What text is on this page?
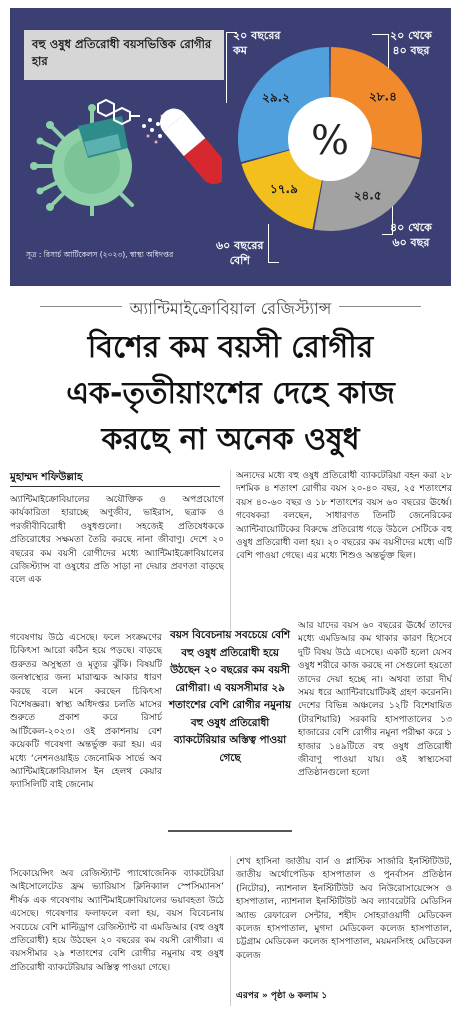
বহু ওষুধ প্রতিরোধী বয়সভিত্তিক রোগীর হার
সূত্র : রিসার্চ আর্টিকেলস (২০২৩), স্বাস্থ্য অধিদপ্তর
২০ বছরের
কম
২০ থেকে
৪০ বছর
৪০ থেকে
৬০ বছর
৬০ বছরের
বেশি
%
২৮.৪
২৪.৫
১৭.৯
২৯.২
অ্যান্টিমাইক্রোবিয়াল রেজিস্ট্যান্স
বিশের কম বয়সী রোগীর
এক-তৃতীয়াংশের দেহে কাজ
করছে না অনেক ওষুধ
মুহাম্মদ শফিউল্লাহ

অ্যান্টিমাইক্রোবিয়ালের অযৌক্তিক ও অপপ্রয়োগে কার্যকারিতা হারাচ্ছে অণুজীব, ভাইরাস, ছত্রাক ও পরজীবীবিরোধী ওষুধগুলো। সহজেই প্রতিষেধককে প্রতিরোধের সক্ষমতা তৈরি করছে নানা জীবাণু। দেশে ২০ বছরের কম বয়সী রোগীদের মধ্যে অ্যান্টিমাইক্রোবিয়ালের রেজিস্ট্যান্স বা ওষুধের প্রতি সাড়া না দেয়ার প্রবণতা বাড়ছে বলে এক

গবেষণায় উঠে এসেছে। ফলে সংক্রমণের চিকিৎসা আরো কঠিন হয়ে পড়ছে। বাড়ছে গুরুতর অসুস্থতা ও মৃত্যুর ঝুঁকি। বিষয়টি জনস্বাস্থ্যের জন্য মারাত্মক আকার ধারণ করছে বলে মনে করছেন চিকিৎসা বিশেষজ্ঞরা। স্বাস্থ্য অধিদপ্তর চলতি মাসের শুরুতে প্রকাশ করে রিসার্চ আর্টিকেল-২০২৩। ওই প্রকাশনায় বেশ কয়েকটি গবেষণা অন্তর্ভুক্ত করা হয়। এর মধ্যে ‘নেশনওয়াইড জেনোমিক সার্ভে অব অ্যান্টিমাইক্রোবিয়ালস ইন হেলথ কেয়ার ফ্যাসিলিটি বাই জেনোম

সিকোয়েন্সিং অব রেজিস্ট্যান্ট প্যাথোজেনিক ব্যাকটেরিয়া আইসোলেটেড ফ্রম ভ্যারিয়াস ক্লিনিক্যাল স্পেসিম্যানস’ শীর্ষক এক গবেষণায় অ্যান্টিমাইক্রোবিয়ালের ভয়াবহতা উঠে এসেছে। গবেষণার ফলাফলে বলা হয়, বয়স বিবেচনায় সবচেয়ে বেশি মাল্টিড্রাগ রেজিস্ট্যান্ট বা এমডিআর (বহু ওষুধ প্রতিরোধী) হয়ে উঠছেন ২০ বছরের কম বয়সী রোগীরা। এ বয়সসীমার ২৯ শতাংশের বেশি রোগীর নমুনায় বহু ওষুধ প্রতিরোধী ব্যাকটেরিয়ার অস্তিত্ব পাওয়া গেছে।

অন্যদের মধ্যে বহু ওষুধ প্রতিরোধী ব্যাকটেরিয়া বহন করা ২৮ দশমিক ৪ শতাংশ রোগীর বয়স ২০-৪০ বছর, ২৫ শতাংশের বয়স ৪০-৬০ বছর ও ১৮ শতাংশের বয়স ৬০ বছরের ঊর্ধ্বে। গবেষকরা বলছেন, সাধারণত তিনটি জেনেরিকের অ্যান্টিবায়োটিকের বিরুদ্ধে প্রতিরোধ গড়ে উঠলে সেটিকে বহু ওষুধ প্রতিরোধী বলা হয়। ২০ বছরের কম বয়সীদের মধ্যে এটি বেশি পাওয়া গেছে। এর মধ্যে শিশুও অন্তর্ভুক্ত ছিল।

আর যাদের বয়স ৬০ বছরের ঊর্ধ্বে তাদের মধ্যে এমডিআর কম থাকার কারণ হিসেবে দুটি বিষয় উঠে এসেছে। একটি হলো যেসব ওষুধ শরীরে কাজ করছে না সেগুলো হয়তো তাদের দেয়া হচ্ছে না। অথবা তারা দীর্ঘ সময় ধরে অ্যান্টিবায়োটিকই গ্রহণ করেননি। দেশের বিভিন্ন অঞ্চলের ১২টি বিশেষায়িত (টারশিয়ারি) সরকারি হাসপাতালের ১৩ হাজারের বেশি রোগীর নমুনা পরীক্ষা করে ১ হাজার ১৪৯টিতে বহু ওষুধ প্রতিরোধী জীবাণু পাওয়া যায়। ওই স্বাস্থ্যসেবা প্রতিষ্ঠানগুলো হলো

শেখ হাসিনা জাতীয় বার্ন ও প্লাস্টিক সার্জারি ইনস্টিটিউট, জাতীয় অর্থোপেডিক হাসপাতাল ও পুনর্বাসন প্রতিষ্ঠান (নিটোর), ন্যাশনাল ইনস্টিটিউট অব নিউরোসায়েন্সেস ও হাসপাতাল, ন্যাশনাল ইনস্টিটিউট অব ল্যাবরেটরি মেডিসিন অ্যান্ড রেফারেল সেন্টার, শহীদ সোহরাওয়ার্দী মেডিকেল কলেজ হাসপাতাল, মুগদা মেডিকেল কলেজ হাসপাতাল, চট্টগ্রাম মেডিকেল কলেজ হাসপাতাল, ময়মনসিংহ মেডিকেল কলেজ

বয়স বিবেচনায় সবচেয়ে বেশি বহু ওষুধ প্রতিরোধী হয়ে উঠছেন ২০ বছরের কম বয়সী রোগীরা। এ বয়সসীমার ২৯ শতাংশের বেশি রোগীর নমুনায় বহু ওষুধ প্রতিরোধী ব্যাকটেরিয়ার অস্তিত্ব পাওয়া গেছে
এরপর » পৃষ্ঠা ৬ কলাম ১
